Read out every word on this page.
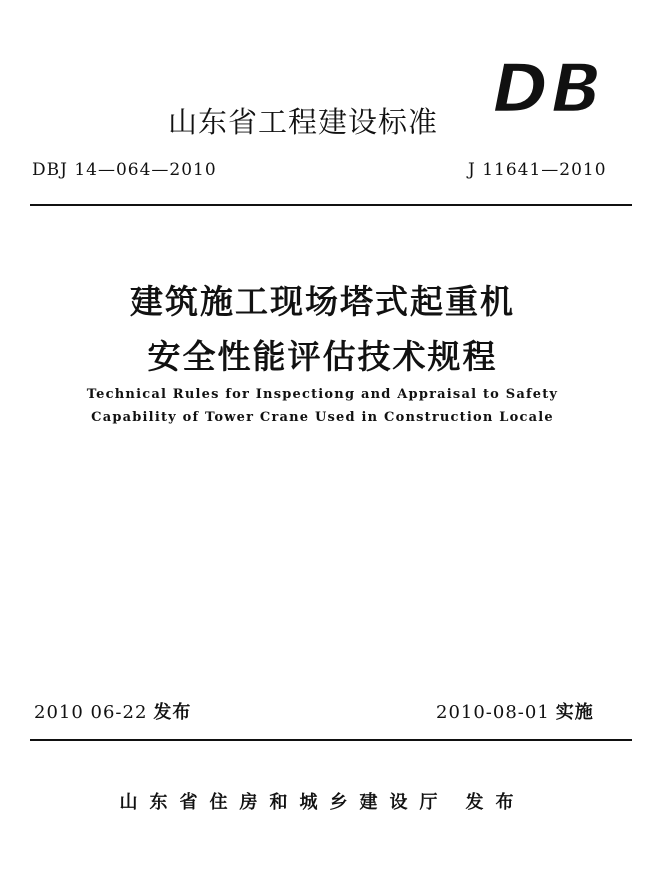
山东省工程建设标准 DB
DBJ 14—064—2010	J 11641—2010
建筑施工现场塔式起重机
安全性能评估技术规程
Technical Rules for Inspectiong and Appraisal to Safety
Capability of Tower Crane Used in Construction Locale
2010 06-22 发布	2010-08-01 实施
山东省住房和城乡建设厅 发布
